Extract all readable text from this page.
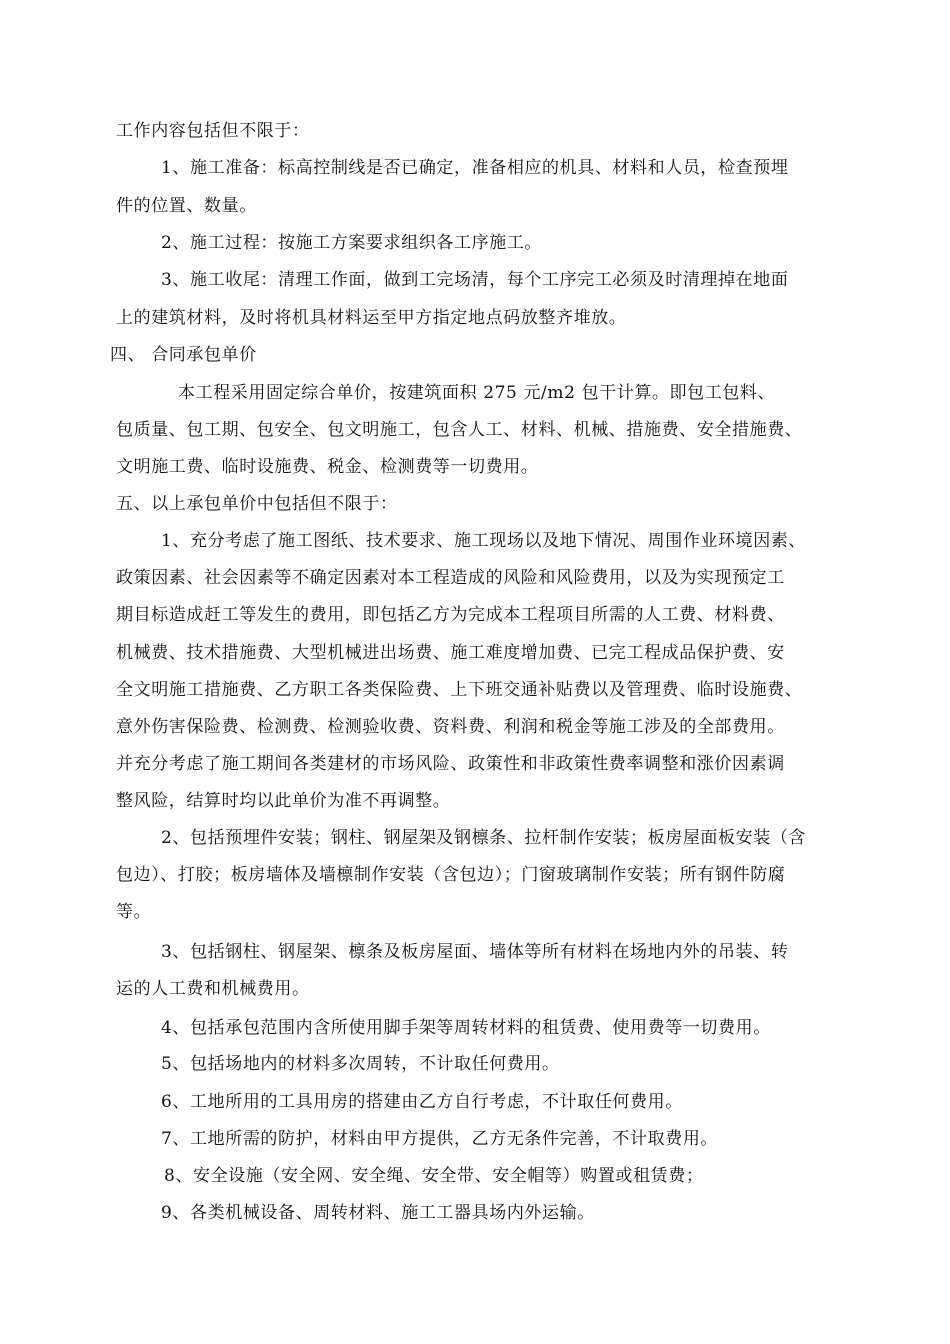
工作内容包括但不限于：
1、施工准备：标高控制线是否已确定，准备相应的机具、材料和人员，检查预埋
件的位置、数量。
2、施工过程：按施工方案要求组织各工序施工。
3、施工收尾：清理工作面，做到工完场清，每个工序完工必须及时清理掉在地面
上的建筑材料，及时将机具材料运至甲方指定地点码放整齐堆放。
四、 合同承包单价
本工程采用固定综合单价，按建筑面积 275 元/m2 包干计算。即包工包料、
包质量、包工期、包安全、包文明施工，包含人工、材料、机械、措施费、安全措施费、
文明施工费、临时设施费、税金、检测费等一切费用。
五、以上承包单价中包括但不限于：
1、充分考虑了施工图纸、技术要求、施工现场以及地下情况、周围作业环境因素、
政策因素、社会因素等不确定因素对本工程造成的风险和风险费用，以及为实现预定工
期目标造成赶工等发生的费用，即包括乙方为完成本工程项目所需的人工费、材料费、
机械费、技术措施费、大型机械进出场费、施工难度增加费、已完工程成品保护费、安
全文明施工措施费、乙方职工各类保险费、上下班交通补贴费以及管理费、临时设施费、
意外伤害保险费、检测费、检测验收费、资料费、利润和税金等施工涉及的全部费用。
并充分考虑了施工期间各类建材的市场风险、政策性和非政策性费率调整和涨价因素调
整风险，结算时均以此单价为准不再调整。
2、包括预埋件安装；钢柱、钢屋架及钢檩条、拉杆制作安装；板房屋面板安装（含
包边）、打胶；板房墙体及墙檩制作安装（含包边）；门窗玻璃制作安装；所有钢件防腐
等。
3、包括钢柱、钢屋架、檩条及板房屋面、墙体等所有材料在场地内外的吊装、转
运的人工费和机械费用。
4、包括承包范围内含所使用脚手架等周转材料的租赁费、使用费等一切费用。
5、包括场地内的材料多次周转，不计取任何费用。
6、工地所用的工具用房的搭建由乙方自行考虑，不计取任何费用。
7、工地所需的防护，材料由甲方提供，乙方无条件完善，不计取费用。
8、安全设施（安全网、安全绳、安全带、安全帽等）购置或租赁费；
9、各类机械设备、周转材料、施工工器具场内外运输。
